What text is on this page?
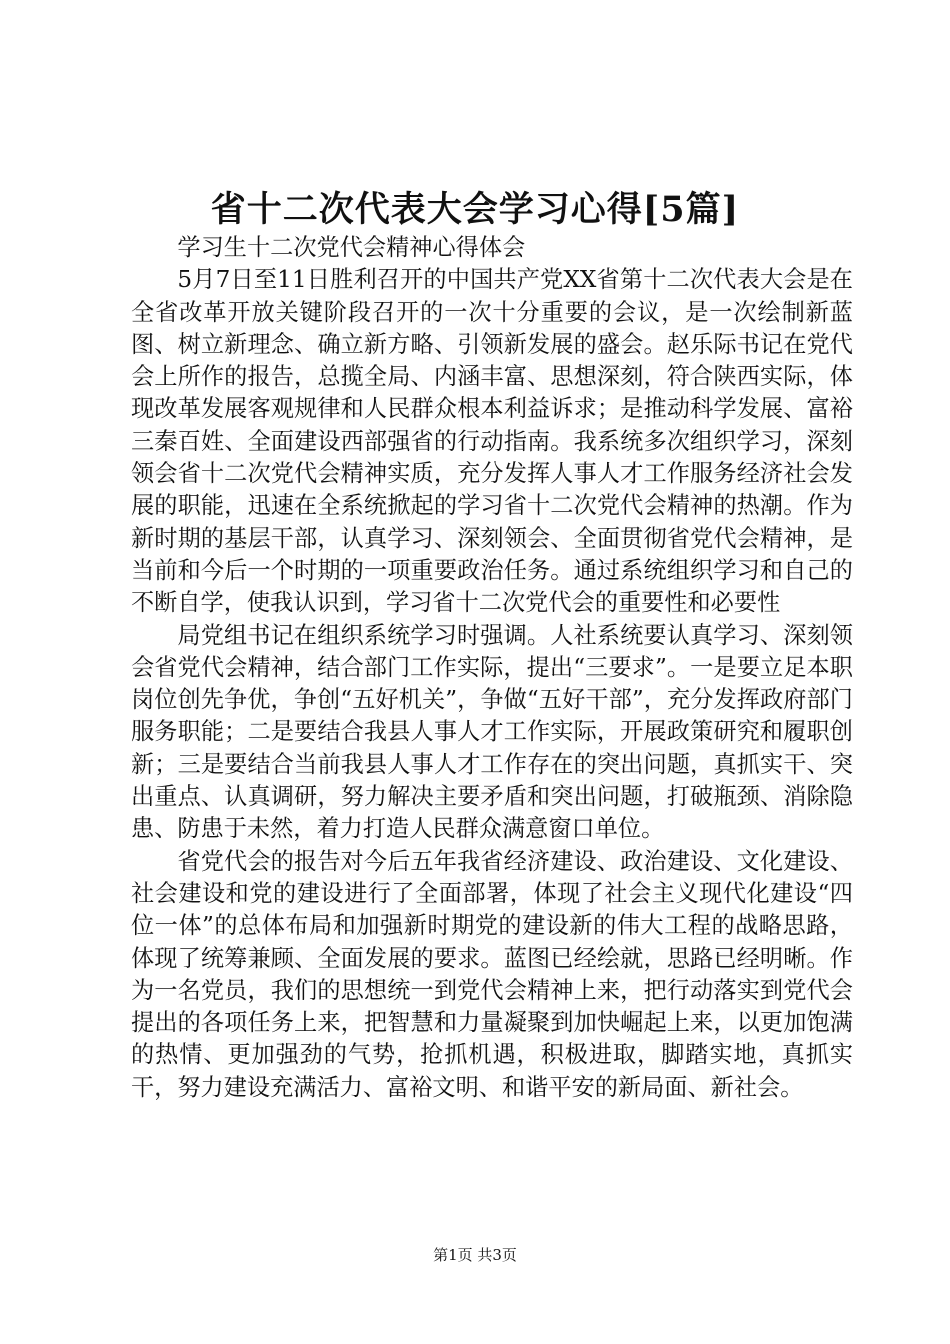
省十二次代表大会学习心得[5篇]

学习生十二次党代会精神心得体会

5月7日至11日胜利召开的中国共产党XX省第十二次代表大会是在全省改革开放关键阶段召开的一次十分重要的会议，是一次绘制新蓝图、树立新理念、确立新方略、引领新发展的盛会。赵乐际书记在党代会上所作的报告，总揽全局、内涵丰富、思想深刻，符合陕西实际，体现改革发展客观规律和人民群众根本利益诉求；是推动科学发展、富裕三秦百姓、全面建设西部强省的行动指南。我系统多次组织学习，深刻领会省十二次党代会精神实质，充分发挥人事人才工作服务经济社会发展的职能，迅速在全系统掀起的学习省十二次党代会精神的热潮。作为新时期的基层干部，认真学习、深刻领会、全面贯彻省党代会精神，是当前和今后一个时期的一项重要政治任务。通过系统组织学习和自己的不断自学，使我认识到，学习省十二次党代会的重要性和必要性

局党组书记在组织系统学习时强调。人社系统要认真学习、深刻领会省党代会精神，结合部门工作实际，提出“三要求”。一是要立足本职岗位创先争优，争创“五好机关”，争做“五好干部”，充分发挥政府部门服务职能；二是要结合我县人事人才工作实际，开展政策研究和履职创新；三是要结合当前我县人事人才工作存在的突出问题，真抓实干、突出重点、认真调研，努力解决主要矛盾和突出问题，打破瓶颈、消除隐患、防患于未然，着力打造人民群众满意窗口单位。

省党代会的报告对今后五年我省经济建设、政治建设、文化建设、社会建设和党的建设进行了全面部署，体现了社会主义现代化建设“四位一体”的总体布局和加强新时期党的建设新的伟大工程的战略思路，体现了统筹兼顾、全面发展的要求。蓝图已经绘就，思路已经明晰。作为一名党员，我们的思想统一到党代会精神上来，把行动落实到党代会提出的各项任务上来，把智慧和力量凝聚到加快崛起上来，以更加饱满的热情、更加强劲的气势，抢抓机遇，积极进取，脚踏实地，真抓实干，努力建设充满活力、富裕文明、和谐平安的新局面、新社会。

第1页 共3页
